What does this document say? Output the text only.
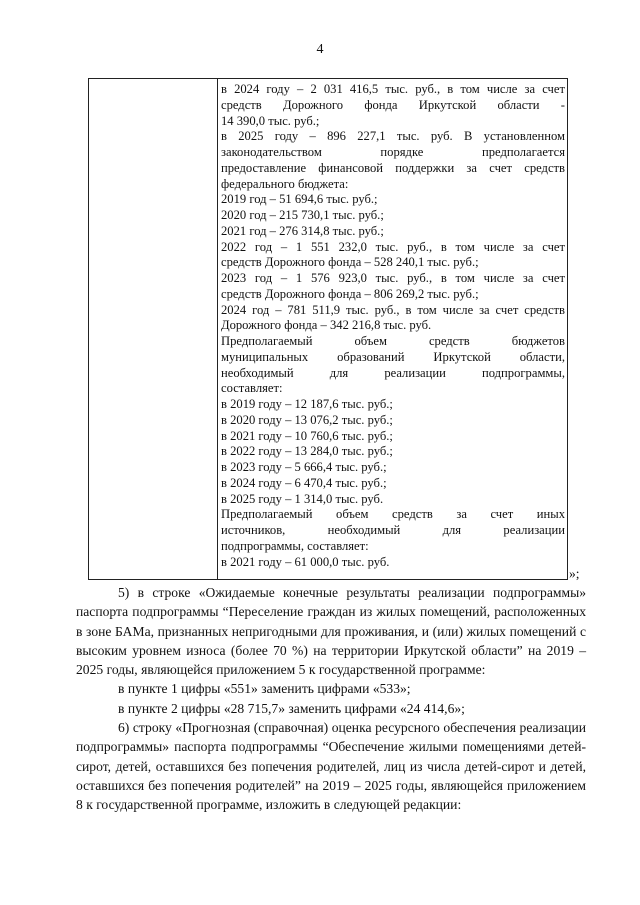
4

в 2024 году – 2 031 416,5 тыс. руб., в том числе за счет

средств Дорожного фонда Иркутской области -

14 390,0 тыс. руб.;

в 2025 году – 896 227,1 тыс. руб. В установленном

законодательством порядке предполагается

предоставление финансовой поддержки за счет средств

федерального бюджета:

2019 год – 51 694,6 тыс. руб.;

2020 год – 215 730,1 тыс. руб.;

2021 год – 276 314,8 тыс. руб.;

2022 год – 1 551 232,0 тыс. руб., в том числе за счет

средств Дорожного фонда – 528 240,1 тыс. руб.;

2023 год – 1 576 923,0 тыс. руб., в том числе за счет

средств Дорожного фонда – 806 269,2 тыс. руб.;

2024 год – 781 511,9 тыс. руб., в том числе за счет средств

Дорожного фонда – 342 216,8 тыс. руб.

Предполагаемый объем средств бюджетов

муниципальных образований Иркутской области,

необходимый для реализации подпрограммы,

составляет:

в 2019 году – 12 187,6 тыс. руб.;

в 2020 году – 13 076,2 тыс. руб.;

в 2021 году – 10 760,6 тыс. руб.;

в 2022 году – 13 284,0 тыс. руб.;

в 2023 году – 5 666,4 тыс. руб.;

в 2024 году – 6 470,4 тыс. руб.;

в 2025 году – 1 314,0 тыс. руб.

Предполагаемый объем средств за счет иных

источников, необходимый для реализации

подпрограммы, составляет:

в 2021 году – 61 000,0 тыс. руб.

»;

5) в строке «Ожидаемые конечные результаты реализации подпрограммы» паспорта подпрограммы “Переселение граждан из жилых помещений, расположенных в зоне БАМа, признанных непригодными для проживания, и (или) жилых помещений с высоким уровнем износа (более 70 %) на территории Иркутской области” на 2019 – 2025 годы, являющейся приложением 5 к государственной программе:

в пункте 1 цифры «551» заменить цифрами «533»;

в пункте 2 цифры «28 715,7» заменить цифрами «24 414,6»;

6) строку «Прогнозная (справочная) оценка ресурсного обеспечения реализации подпрограммы» паспорта подпрограммы “Обеспечение жилыми помещениями детей-сирот, детей, оставшихся без попечения родителей, лиц из числа детей-сирот и детей, оставшихся без попечения родителей” на 2019 – 2025 годы, являющейся приложением 8 к государственной программе, изложить в следующей редакции:
